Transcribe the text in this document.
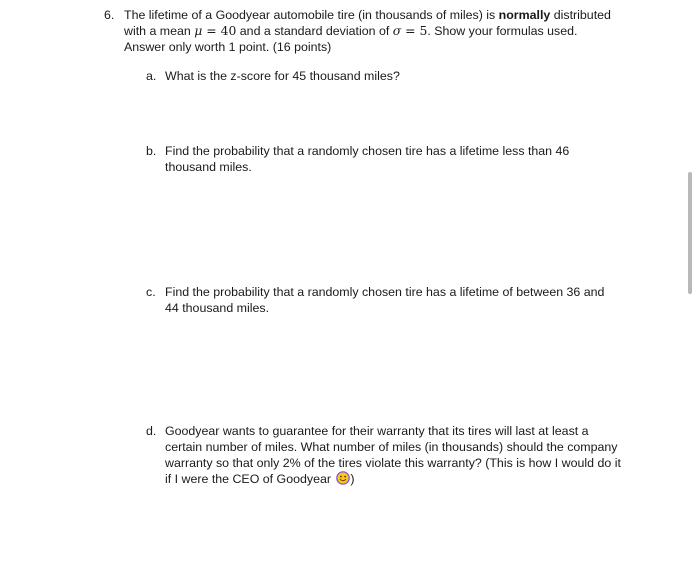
6. The lifetime of a Goodyear automobile tire (in thousands of miles) is normally distributed with a mean μ = 40 and a standard deviation of σ = 5. Show your formulas used. Answer only worth 1 point. (16 points)
a. What is the z-score for 45 thousand miles?
b. Find the probability that a randomly chosen tire has a lifetime less than 46 thousand miles.
c. Find the probability that a randomly chosen tire has a lifetime of between 36 and 44 thousand miles.
d. Goodyear wants to guarantee for their warranty that its tires will last at least a certain number of miles. What number of miles (in thousands) should the company warranty so that only 2% of the tires violate this warranty? (This is how I would do it if I were the CEO of Goodyear )
